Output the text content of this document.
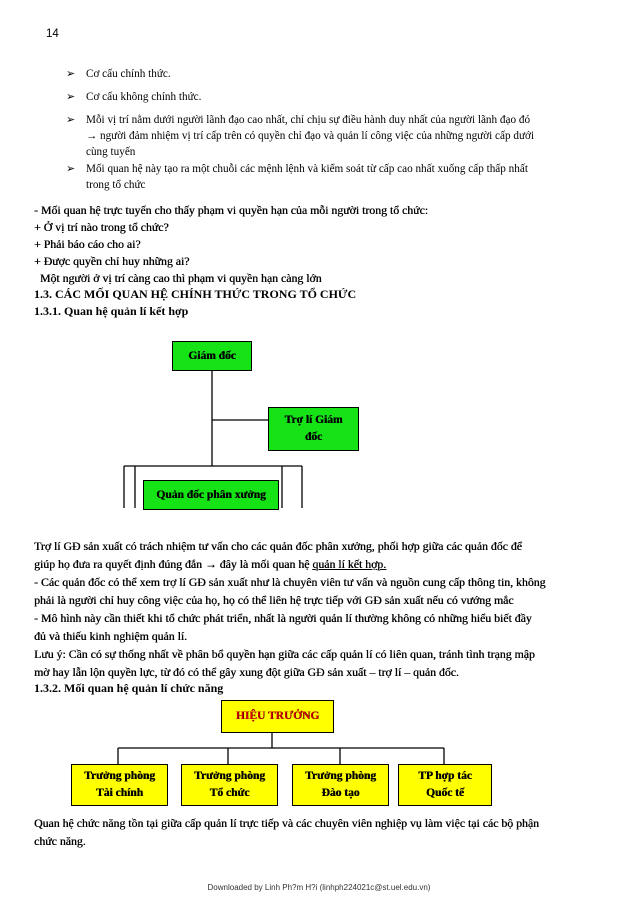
14
➢ Cơ cấu chính thức.
➢ Cơ cấu không chính thức.
➢ Mỗi vị trí nằm dưới người lãnh đạo cao nhất, chỉ chịu sự điều hành duy nhất của người lãnh đạo đó
→ người đảm nhiệm vị trí cấp trên có quyền chỉ đạo và quản lí công việc của những người cấp dưới
cùng tuyến
➢ Mối quan hệ này tạo ra một chuỗi các mệnh lệnh và kiểm soát từ cấp cao nhất xuống cấp thấp nhất
trong tổ chức
- Mối quan hệ trực tuyến cho thấy phạm vi quyền hạn của mỗi người trong tổ chức:
+ Ở vị trí nào trong tổ chức?
+ Phải báo cáo cho ai?
+ Được quyền chỉ huy những ai?
Một người ở vị trí càng cao thì phạm vi quyền hạn càng lớn
1.3. CÁC MỐI QUAN HỆ CHÍNH THỨC TRONG TỔ CHỨC
1.3.1. Quan hệ quản lí kết hợp
Giám đốc
Trợ lí Giám
đốc
Quản đốc phân xưởng
Trợ lí GĐ sản xuất có trách nhiệm tư vấn cho các quản đốc phân xưởng, phối hợp giữa các quản đốc để
giúp họ đưa ra quyết định đúng đắn → đây là mối quan hệ quản lí kết hợp.
- Các quản đốc có thể xem trợ lí GĐ sản xuất như là chuyên viên tư vấn và nguồn cung cấp thông tin, không
phải là người chỉ huy công việc của họ, họ có thể liên hệ trực tiếp với GĐ sản xuất nếu có vướng mắc
- Mô hình này cần thiết khi tổ chức phát triển, nhất là người quản lí thường không có những hiểu biết đầy
đủ và thiếu kinh nghiệm quản lí.
Lưu ý: Cần có sự thống nhất về phân bổ quyền hạn giữa các cấp quản lí có liên quan, tránh tình trạng mập
mờ hay lẫn lộn quyền lực, từ đó có thể gây xung đột giữa GĐ sản xuất – trợ lí – quản đốc.
1.3.2. Mối quan hệ quản lí chức năng
HIỆU TRƯỞNG
Trưởng phòng
Tài chính
Trưởng phòng
Tổ chức
Trưởng phòng
Đào tạo
TP hợp tác
Quốc tế
Quan hệ chức năng tồn tại giữa cấp quản lí trực tiếp và các chuyên viên nghiệp vụ làm việc tại các bộ phận
chức năng.
Downloaded by Linh Ph?m H?i (linhph224021c@st.uel.edu.vn)
